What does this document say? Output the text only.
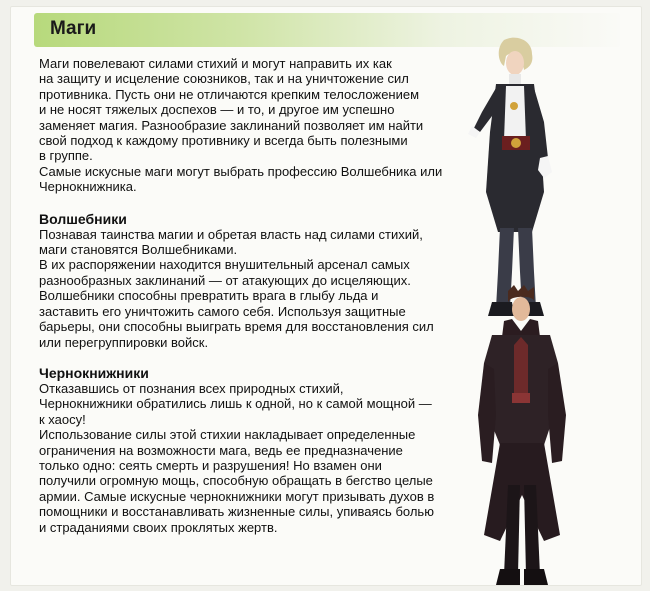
Маги

Маги повелевают силами стихий и могут направить их как
на защиту и исцеление союзников, так и на уничтожение сил
противника. Пусть они не отличаются крепким телосложением
и не носят тяжелых доспехов — и то, и другое им успешно
заменяет магия. Разнообразие заклинаний позволяет им найти
свой подход к каждому противнику и всегда быть полезными
в группе.
Самые искусные маги могут выбрать профессию Волшебника или
Чернокнижника.

Волшебники

Познавая таинства магии и обретая власть над силами стихий,
маги становятся Волшебниками.
В их распоряжении находится внушительный арсенал самых
разнообразных заклинаний — от атакующих до исцеляющих.
Волшебники способны превратить врага в глыбу льда и
заставить его уничтожить самого себя. Используя защитные
барьеры, они способны выиграть время для восстановления сил
или перегруппировки войск.

Чернокнижники

Отказавшись от познания всех природных стихий,
Чернокнижники обратились лишь к одной, но к самой мощной —
к хаосу!
Использование силы этой стихии накладывает определенные
ограничения на возможности мага, ведь ее предназначение
только одно: сеять смерть и разрушения! Но взамен они
получили огромную мощь, способную обращать в бегство целые
армии. Самые искусные чернокнижники могут призывать духов в
помощники и восстанавливать жизненные силы, упиваясь болью
и страданиями своих проклятых жертв.
